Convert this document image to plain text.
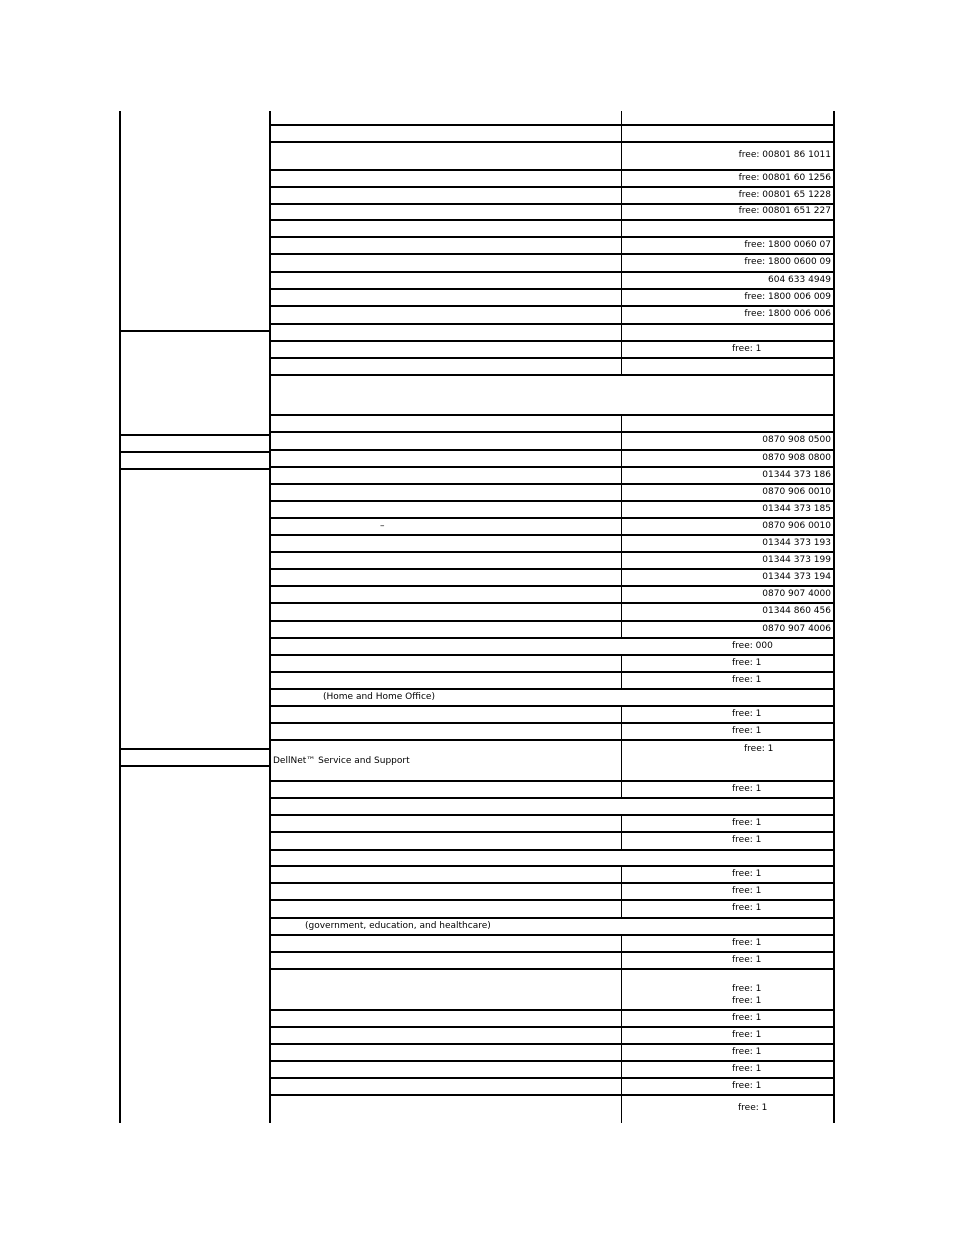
free: 00801 86 1011
free: 00801 60 1256
free: 00801 65 1228
free: 00801 651 227
free: 1800 0060 07
free: 1800 0600 09
604 633 4949
free: 1800 006 009
free: 1800 006 006
free: 1
0870 908 0500
0870 908 0800
01344 373 186
0870 906 0010
01344 373 185
–	0870 906 0010
01344 373 193
01344 373 199
01344 373 194
0870 907 4000
01344 860 456
0870 907 4006
free: 000
free: 1
free: 1
(Home and Home Office)
free: 1
free: 1
DellNet™ Service and Support
free: 1
free: 1
free: 1
free: 1
free: 1
free: 1
free: 1
(government, education, and healthcare)
free: 1
free: 1
free: 1
free: 1
free: 1
free: 1
free: 1
free: 1
free: 1
free: 1
